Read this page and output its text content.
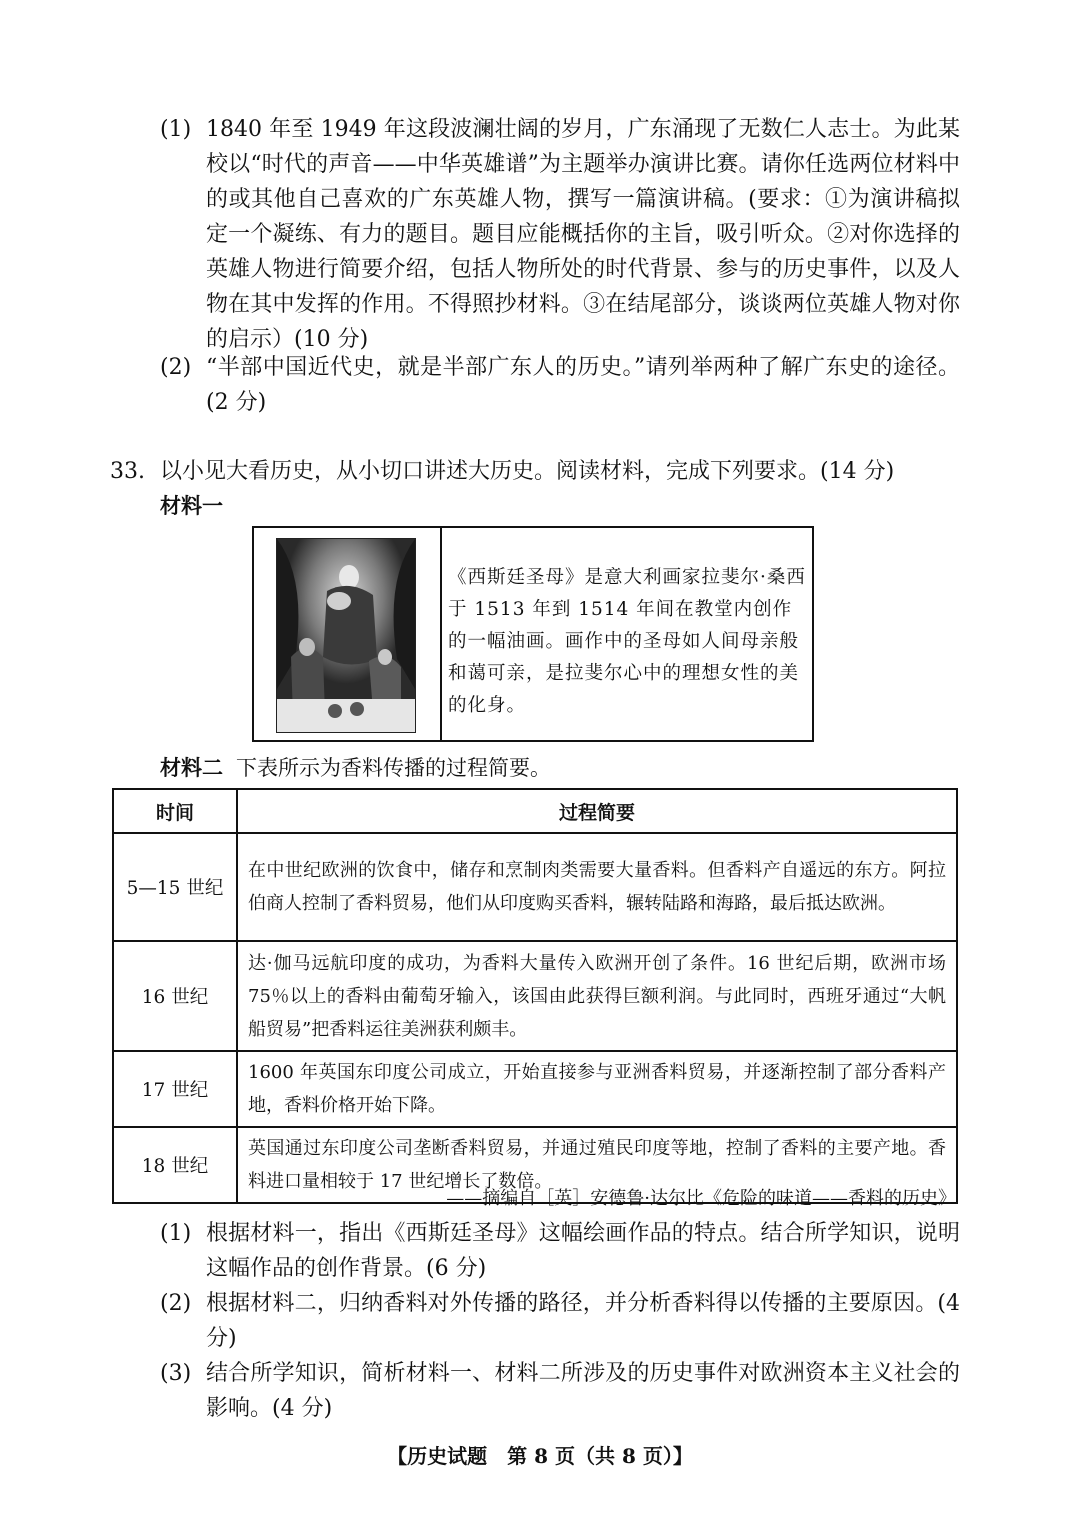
(1) 1840 年至 1949 年这段波澜壮阔的岁月，广东涌现了无数仁人志士。为此某校以“时代的声音——中华英雄谱”为主题举办演讲比赛。请你任选两位材料中的或其他自己喜欢的广东英雄人物，撰写一篇演讲稿。(要求：①为演讲稿拟定一个凝练、有力的题目。题目应能概括你的主旨，吸引听众。②对你选择的英雄人物进行简要介绍，包括人物所处的时代背景、参与的历史事件，以及人物在其中发挥的作用。不得照抄材料。③在结尾部分，谈谈两位英雄人物对你的启示）(10 分)
(2) “半部中国近代史，就是半部广东人的历史。”请列举两种了解广东史的途径。(2 分)
33. 以小见大看历史，从小切口讲述大历史。阅读材料，完成下列要求。(14 分)
材料一
《西斯廷圣母》是意大利画家拉斐尔·桑西于 1513 年到 1514 年间在教堂内创作的一幅油画。画作中的圣母如人间母亲般和蔼可亲，是拉斐尔心中的理想女性的美的化身。
材料二 下表所示为香料传播的过程简要。
时间	过程简要
5—15 世纪	在中世纪欧洲的饮食中，储存和烹制肉类需要大量香料。但香料产自遥远的东方。阿拉伯商人控制了香料贸易，他们从印度购买香料，辗转陆路和海路，最后抵达欧洲。
16 世纪	达·伽马远航印度的成功，为香料大量传入欧洲开创了条件。16 世纪后期，欧洲市场 75％以上的香料由葡萄牙输入，该国由此获得巨额利润。与此同时，西班牙通过“大帆船贸易”把香料运往美洲获利颇丰。
17 世纪	1600 年英国东印度公司成立，开始直接参与亚洲香料贸易，并逐渐控制了部分香料产地，香料价格开始下降。
18 世纪	英国通过东印度公司垄断香料贸易，并通过殖民印度等地，控制了香料的主要产地。香料进口量相较于 17 世纪增长了数倍。
——摘编自［英］安德鲁·达尔比《危险的味道——香料的历史》
(1) 根据材料一，指出《西斯廷圣母》这幅绘画作品的特点。结合所学知识，说明这幅作品的创作背景。(6 分)
(2) 根据材料二，归纳香料对外传播的路径，并分析香料得以传播的主要原因。(4 分)
(3) 结合所学知识，简析材料一、材料二所涉及的历史事件对欧洲资本主义社会的影响。(4 分)
【历史试题　第 8 页（共 8 页）】
